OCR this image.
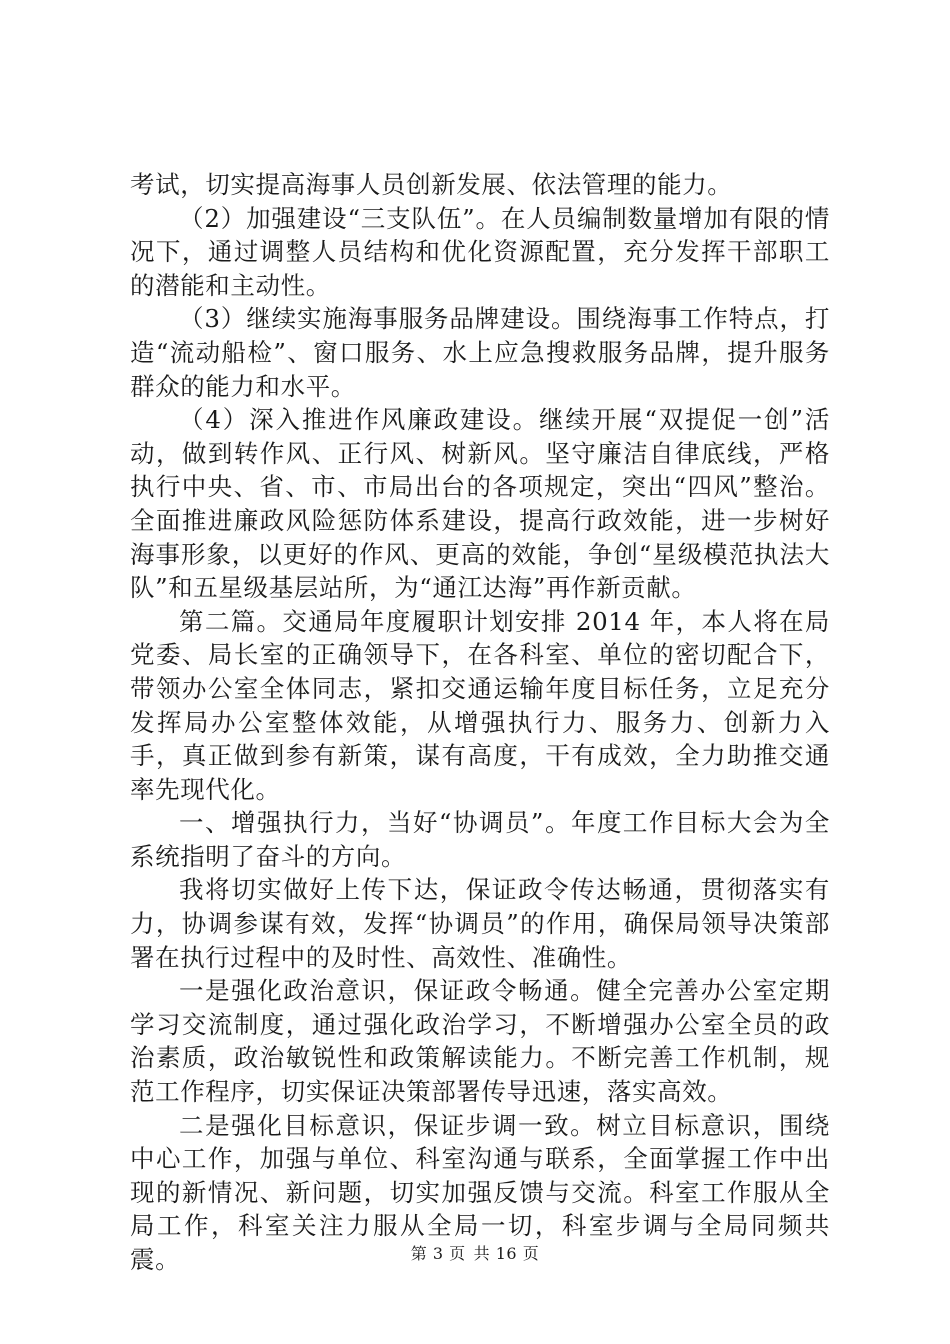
考试，切实提高海事人员创新发展、依法管理的能力。

（2）加强建设“三支队伍”。在人员编制数量增加有限的情况下，通过调整人员结构和优化资源配置，充分发挥干部职工的潜能和主动性。

（3）继续实施海事服务品牌建设。围绕海事工作特点，打造“流动船检”、窗口服务、水上应急搜救服务品牌，提升服务群众的能力和水平。

（4）深入推进作风廉政建设。继续开展“双提促一创”活动，做到转作风、正行风、树新风。坚守廉洁自律底线，严格执行中央、省、市、市局出台的各项规定，突出“四风”整治。全面推进廉政风险惩防体系建设，提高行政效能，进一步树好海事形象，以更好的作风、更高的效能，争创“星级模范执法大队”和五星级基层站所，为“通江达海”再作新贡献。

第二篇。交通局年度履职计划安排 2014 年，本人将在局党委、局长室的正确领导下，在各科室、单位的密切配合下，带领办公室全体同志，紧扣交通运输年度目标任务，立足充分发挥局办公室整体效能，从增强执行力、服务力、创新力入手，真正做到参有新策，谋有高度，干有成效，全力助推交通率先现代化。

一、增强执行力，当好“协调员”。年度工作目标大会为全系统指明了奋斗的方向。

我将切实做好上传下达，保证政令传达畅通，贯彻落实有力，协调参谋有效，发挥“协调员”的作用，确保局领导决策部署在执行过程中的及时性、高效性、准确性。

一是强化政治意识，保证政令畅通。健全完善办公室定期学习交流制度，通过强化政治学习，不断增强办公室全员的政治素质，政治敏锐性和政策解读能力。不断完善工作机制，规范工作程序，切实保证决策部署传导迅速，落实高效。

二是强化目标意识，保证步调一致。树立目标意识，围绕中心工作，加强与单位、科室沟通与联系，全面掌握工作中出现的新情况、新问题，切实加强反馈与交流。科室工作服从全局工作，科室关注力服从全局一切，科室步调与全局同频共震。	第 3 页 共 16 页
